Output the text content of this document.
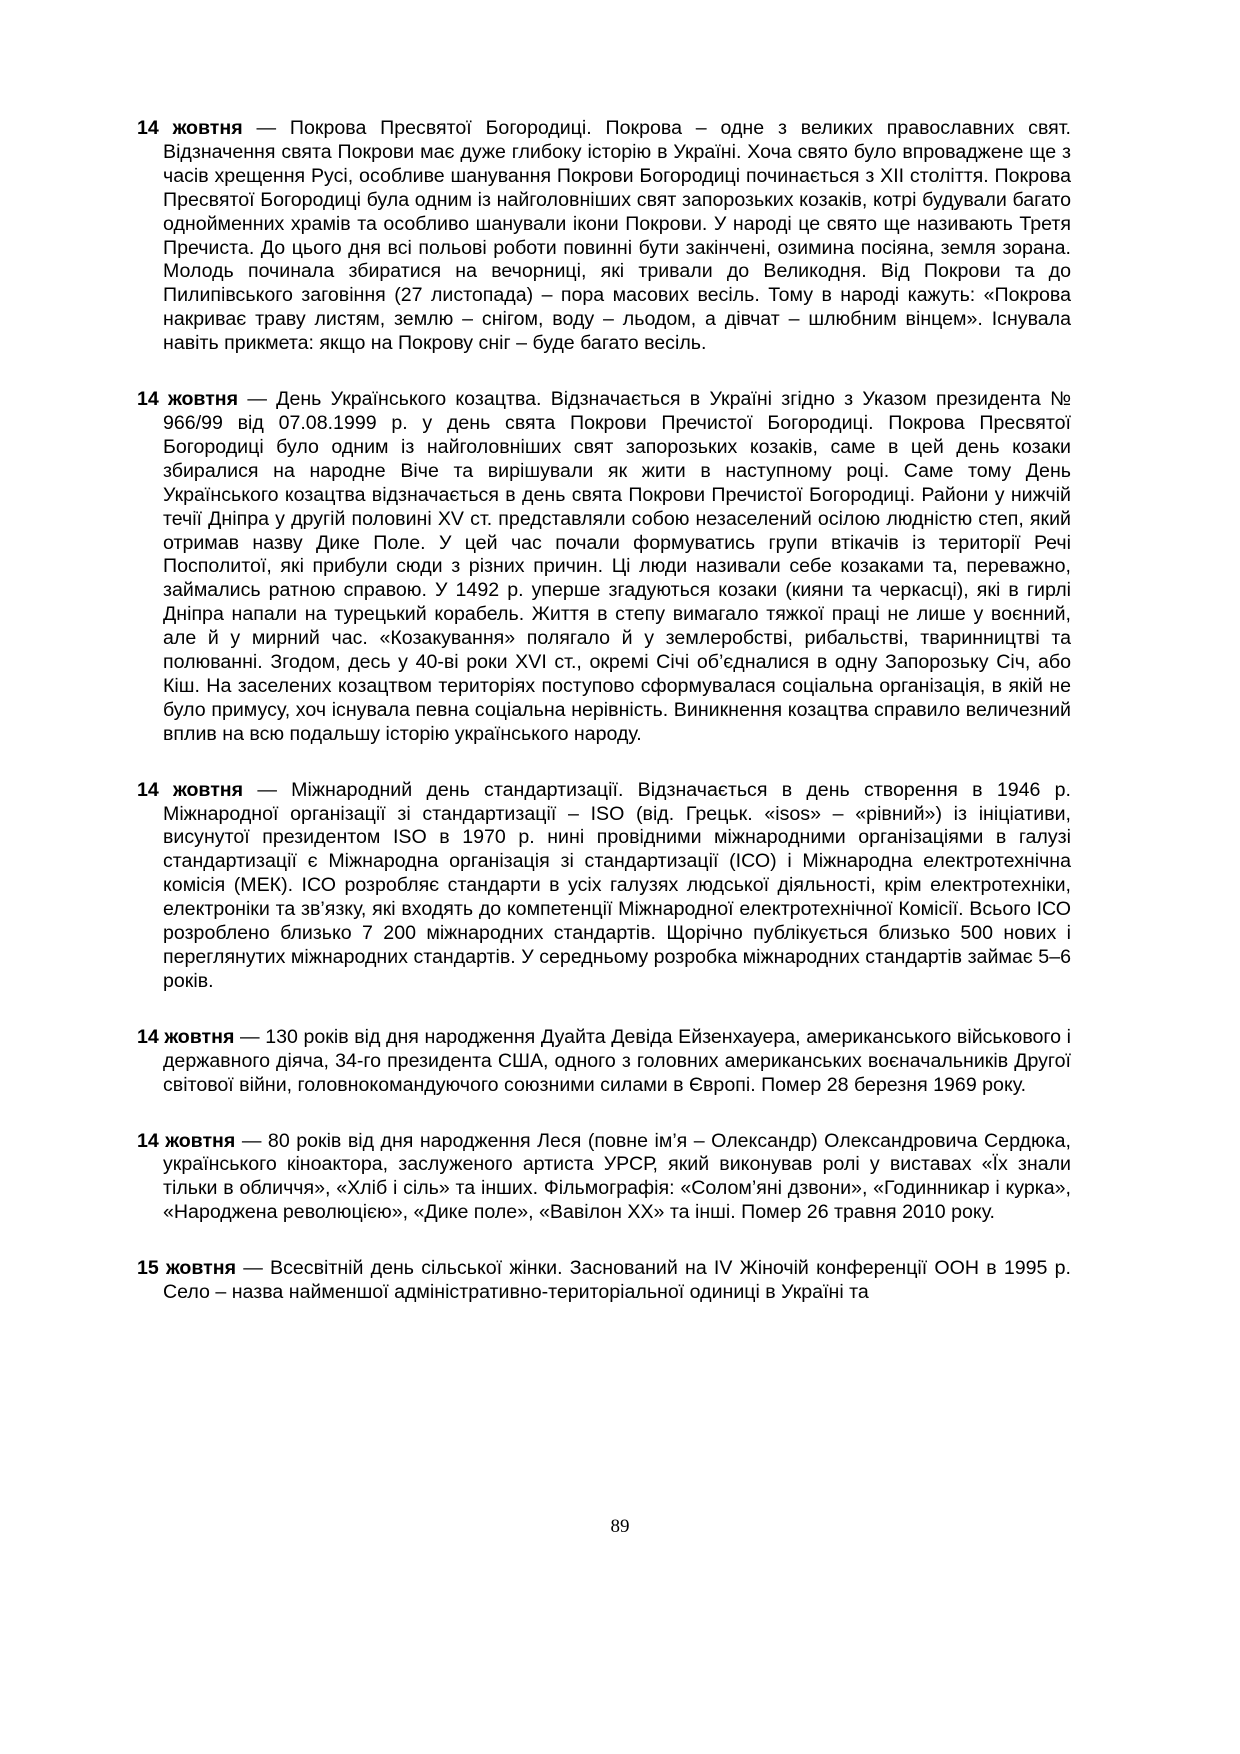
14 жовтня — Покрова Пресвятої Богородиці. Покрова – одне з великих православних свят. Відзначення свята Покрови має дуже глибоку історію в Україні. Хоча свято було впроваджене ще з часів хрещення Русі, особливе шанування Покрови Богородиці починається з XII століття. Покрова Пресвятої Богородиці була одним із найголовніших свят запорозьких козаків, котрі будували багато однойменних храмів та особливо шанували ікони Покрови. У народі це свято ще називають Третя Пречиста. До цього дня всі польові роботи повинні бути закінчені, озимина посіяна, земля зорана. Молодь починала збиратися на вечорниці, які тривали до Великодня. Від Покрови та до Пилипівського заговіння (27 листопада) – пора масових весіль. Тому в народі кажуть: «Покрова накриває траву листям, землю – снігом, воду – льодом, а дівчат – шлюбним вінцем». Існувала навіть прикмета: якщо на Покрову сніг – буде багато весіль.

14 жовтня — День Українського козацтва. Відзначається в Україні згідно з Указом президента № 966/99 від 07.08.1999 р. у день свята Покрови Пречистої Богородиці. Покрова Пресвятої Богородиці було одним із найголовніших свят запорозьких козаків, саме в цей день козаки збиралися на народне Віче та вирішували як жити в наступному році. Саме тому День Українського козацтва відзначається в день свята Покрови Пречистої Богородиці. Райони у нижчій течії Дніпра у другій половині XV ст. представляли собою незаселений осілою людністю степ, який отримав назву Дике Поле. У цей час почали формуватись групи втікачів із території Речі Посполитої, які прибули сюди з різних причин. Ці люди називали себе козаками та, переважно, займались ратною справою. У 1492 р. уперше згадуються козаки (кияни та черкасці), які в гирлі Дніпра напали на турецький корабель. Життя в степу вимагало тяжкої праці не лише у воєнний, але й у мирний час. «Козакування» полягало й у землеробстві, рибальстві, тваринництві та полюванні. Згодом, десь у 40-ві роки XVI ст., окремі Січі об’єдналися в одну Запорозьку Січ, або Кіш. На заселених козацтвом територіях поступово сформувалася соціальна організація, в якій не було примусу, хоч існувала певна соціальна нерівність. Виникнення козацтва справило величезний вплив на всю подальшу історію українського народу.

14 жовтня — Міжнародний день стандартизації. Відзначається в день створення в 1946 р. Міжнародної організації зі стандартизації – ISO (від. Грецьк. «isos» – «рівний») із ініціативи, висунутої президентом ISO в 1970 р. нині провідними міжнародними організаціями в галузі стандартизації є Міжнародна організація зі стандартизації (ІСО) і Міжнародна електротехнічна комісія (МЕК). ІСО розробляє стандарти в усіх галузях людської діяльності, крім електротехніки, електроніки та зв’язку, які входять до компетенції Міжнародної електротехнічної Комісії. Всього ІСО розроблено близько 7 200 міжнародних стандартів. Щорічно публікується близько 500 нових і переглянутих міжнародних стандартів. У середньому розробка міжнародних стандартів займає 5–6 років.

14 жовтня — 130 років від дня народження Дуайта Девіда Ейзенхауера, американського військового і державного діяча, 34-го президента США, одного з головних американських воєначальників Другої світової війни, головнокомандуючого союзними силами в Європі. Помер 28 березня 1969 року.

14 жовтня — 80 років від дня народження Леся (повне ім’я – Олександр) Олександровича Сердюка, українського кіноактора, заслуженого артиста УРСР, який виконував ролі у виставах «Їх знали тільки в обличчя», «Хліб і сіль» та інших. Фільмографія: «Солом’яні дзвони», «Годинникар і курка», «Народжена революцією», «Дике поле», «Вавілон XX» та інші. Помер 26 травня 2010 року.

15 жовтня — Всесвітній день сільської жінки. Заснований на IV Жіночій конференції ООН в 1995 р. Село – назва найменшої адміністративно-територіальної одиниці в Україні та

89
